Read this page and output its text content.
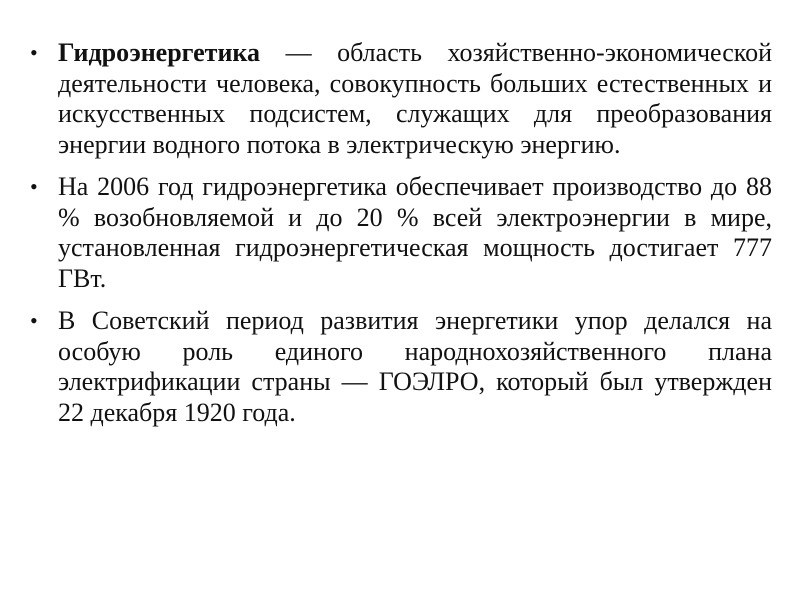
• Гидроэнергетика — область хозяйственно-экономической деятельности человека, совокупность больших естественных и искусственных подсистем, служащих для преобразования энергии водного потока в электрическую энергию.
• На 2006 год гидроэнергетика обеспечивает производство до 88 % возобновляемой и до 20 % всей электроэнергии в мире, установленная гидроэнергетическая мощность достигает 777 ГВт.
• В Советский период развития энергетики упор делался на особую роль единого народнохозяйственного плана электрификации страны — ГОЭЛРО, который был утвержден 22 декабря 1920 года.
